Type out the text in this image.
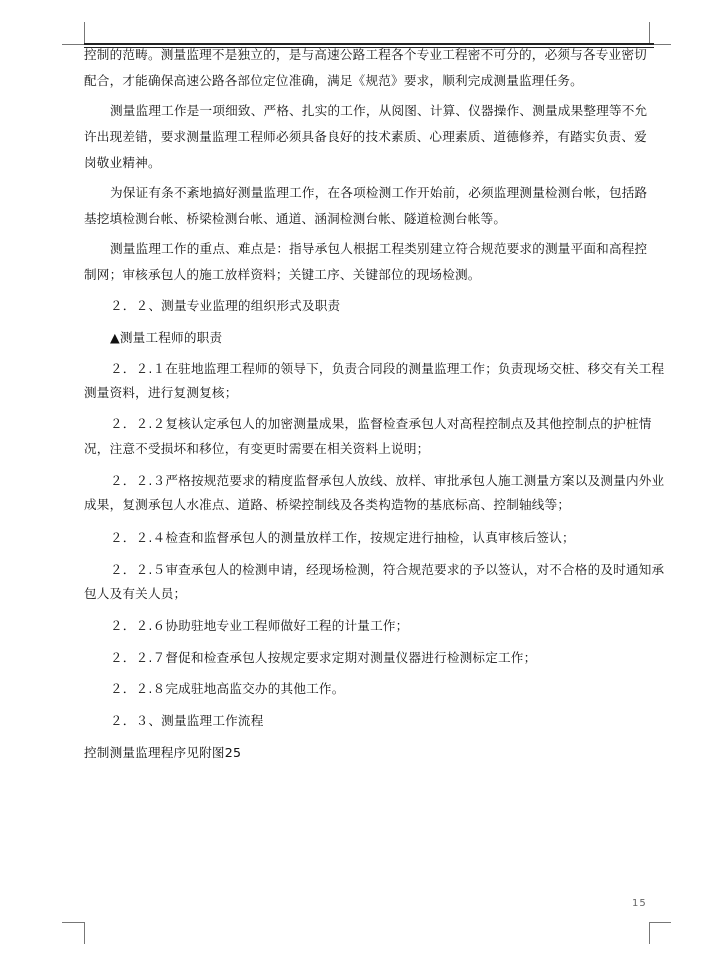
控制的范畴。测量监理不是独立的，是与高速公路工程各个专业工程密不可分的，必须与各专业密切
配合，才能确保高速公路各部位定位准确，满足《规范》要求，顺利完成测量监理任务。
测量监理工作是一项细致、严格、扎实的工作，从阅图、计算、仪器操作、测量成果整理等不允
许出现差错，要求测量监理工程师必须具备良好的技术素质、心理素质、道德修养，有踏实负责、爱
岗敬业精神。
为保证有条不紊地搞好测量监理工作，在各项检测工作开始前，必须监理测量检测台帐，包括路
基挖填检测台帐、桥梁检测台帐、通道、涵洞检测台帐、隧道检测台帐等。
测量监理工作的重点、难点是：指导承包人根据工程类别建立符合规范要求的测量平面和高程控
制网；审核承包人的施工放样资料；关键工序、关键部位的现场检测。
２．２、测量专业监理的组织形式及职责
▲测量工程师的职责
２．２.１在驻地监理工程师的领导下，负责合同段的测量监理工作；负责现场交桩、移交有关工程
测量资料，进行复测复核；
２．２.２复核认定承包人的加密测量成果，监督检查承包人对高程控制点及其他控制点的护桩情
况，注意不受损坏和移位，有变更时需要在相关资料上说明；
２．２.３严格按规范要求的精度监督承包人放线、放样、审批承包人施工测量方案以及测量内外业
成果，复测承包人水准点、道路、桥梁控制线及各类构造物的基底标高、控制轴线等；
２．２.４检查和监督承包人的测量放样工作，按规定进行抽检，认真审核后签认；
２．２.５审查承包人的检测申请，经现场检测，符合规范要求的予以签认，对不合格的及时通知承
包人及有关人员；
２．２.６协助驻地专业工程师做好工程的计量工作；
２．２.７督促和检查承包人按规定要求定期对测量仪器进行检测标定工作；
２．２.８完成驻地高监交办的其他工作。
２．３、测量监理工作流程
控制测量监理程序见附图25
15
